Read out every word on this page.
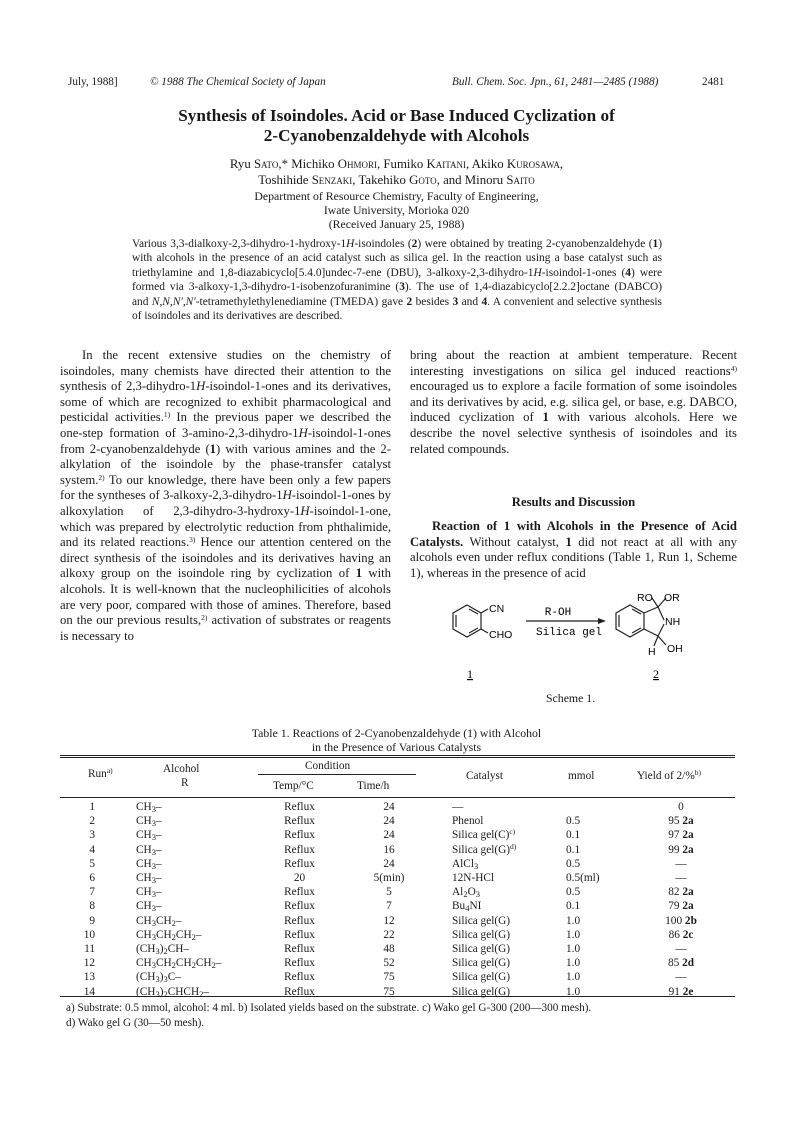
July, 1988]	© 1988 The Chemical Society of Japan	Bull. Chem. Soc. Jpn., 61, 2481—2485 (1988)	2481
Synthesis of Isoindoles. Acid or Base Induced Cyclization of
2-Cyanobenzaldehyde with Alcohols
Ryu Sato,* Michiko Ohmori, Fumiko Kaitani, Akiko Kurosawa,
Toshihide Senzaki, Takehiko Goto, and Minoru Saito
Department of Resource Chemistry, Faculty of Engineering,
Iwate University, Morioka 020
(Received January 25, 1988)
Various 3,3-dialkoxy-2,3-dihydro-1-hydroxy-1H-isoindoles (2) were obtained by treating 2-cyanobenzaldehyde (1) with alcohols in the presence of an acid catalyst such as silica gel. In the reaction using a base catalyst such as triethylamine and 1,8-diazabicyclo[5.4.0]undec-7-ene (DBU), 3-alkoxy-2,3-dihydro-1H-isoindol-1-ones (4) were formed via 3-alkoxy-1,3-dihydro-1-isobenzofuranimine (3). The use of 1,4-diazabicyclo[2.2.2]octane (DABCO) and N,N,N′,N′-tetramethylethylenediamine (TMEDA) gave 2 besides 3 and 4. A convenient and selective synthesis of isoindoles and its derivatives are described.

In the recent extensive studies on the chemistry of isoindoles, many chemists have directed their attention to the synthesis of 2,3-dihydro-1H-isoindol-1-ones and its derivatives, some of which are recognized to exhibit pharmacological and pesticidal activities.$^{1)}$ In the previous paper we described the one-step formation of 3-amino-2,3-dihydro-1H-isoindol-1-ones from 2-cyanobenzaldehyde (1) with various amines and the 2-alkylation of the isoindole by the phase-transfer catalyst system.$^{2)}$ To our knowledge, there have been only a few papers for the syntheses of 3-alkoxy-2,3-dihydro-1H-isoindol-1-ones by alkoxylation of 2,3-dihydro-3-hydroxy-1H-isoindol-1-one, which was prepared by electrolytic reduction from phthalimide, and its related reactions.$^{3)}$ Hence our attention centered on the direct synthesis of the isoindoles and its derivatives having an alkoxy group on the isoindole ring by cyclization of 1 with alcohols. It is well-known that the nucleophilicities of alcohols are very poor, compared with those of amines. Therefore, based on the our previous results,$^{2)}$ activation of substrates or reagents is necessary to

bring about the reaction at ambient temperature. Recent interesting investigations on silica gel induced reactions$^{4)}$ encouraged us to explore a facile formation of some isoindoles and its derivatives by acid, e.g. silica gel, or base, e.g. DABCO, induced cyclization of 1 with various alcohols. Here we describe the novel selective synthesis of isoindoles and its related compounds.

Results and Discussion

Reaction of 1 with Alcohols in the Presence of Acid Catalysts. Without catalyst, 1 did not react at all with any alcohols even under reflux conditions (Table 1, Run 1, Scheme 1), whereas in the presence of acid

CN
CHO
R-OH
Silica gel
RO OR
NH
H OH
1	2
Scheme 1.
Table 1. Reactions of 2-Cyanobenzaldehyde (1) with Alcohol
in the Presence of Various Catalysts
Run$^{a)}$	Alcohol
R
Condition
Temp/°C	Time/h
Catalyst	mmol	Yield of 2/%$^{b)}$
1	$CH_3-$	Reflux	24	—		0
2	$CH_3-$	Reflux	24	Phenol	0.5	95 2a
3	$CH_3-$	Reflux	24	Silica $gel(C)^{c)}$	0.1	97 2a
4	$CH_3-$	Reflux	16	Silica $gel(G)^{d)}$	0.1	99 2a
5	$CH_3-$	Reflux	24	AlCl$_3$	0.5	—
6	$CH_3-$	20	5(min)	12N-HCl	0.5(ml)	—
7	$CH_3-$	Reflux	5	$Al_2O_3$	0.5	82 2a
8	$CH_3-$	Reflux	7	$Bu_4NI$	0.1	79 2a
9	$CH_3CH_2-$	Reflux	12	Silica gel(G)	1.0	100 2b
10	$CH_3CH_2CH_2-$	Reflux	22	Silica gel(G)	1.0	86 2c
11	$(CH_3)_2CH-$	Reflux	48	Silica gel(G)	1.0	—
12	$CH_3CH_2CH_2CH_2-$	Reflux	52	Silica gel(G)	1.0	85 2d
13	$(CH_3)_3C-$	Reflux	75	Silica gel(G)	1.0	—
14	$(CH_3)_2CHCH_2-$	Reflux	75	Silica gel(G)	1.0	91 2e
a) Substrate: 0.5 mmol, alcohol: 4 ml. b) Isolated yields based on the substrate. c) Wako gel G-300 (200—300 mesh).
d) Wako gel G (30—50 mesh).
